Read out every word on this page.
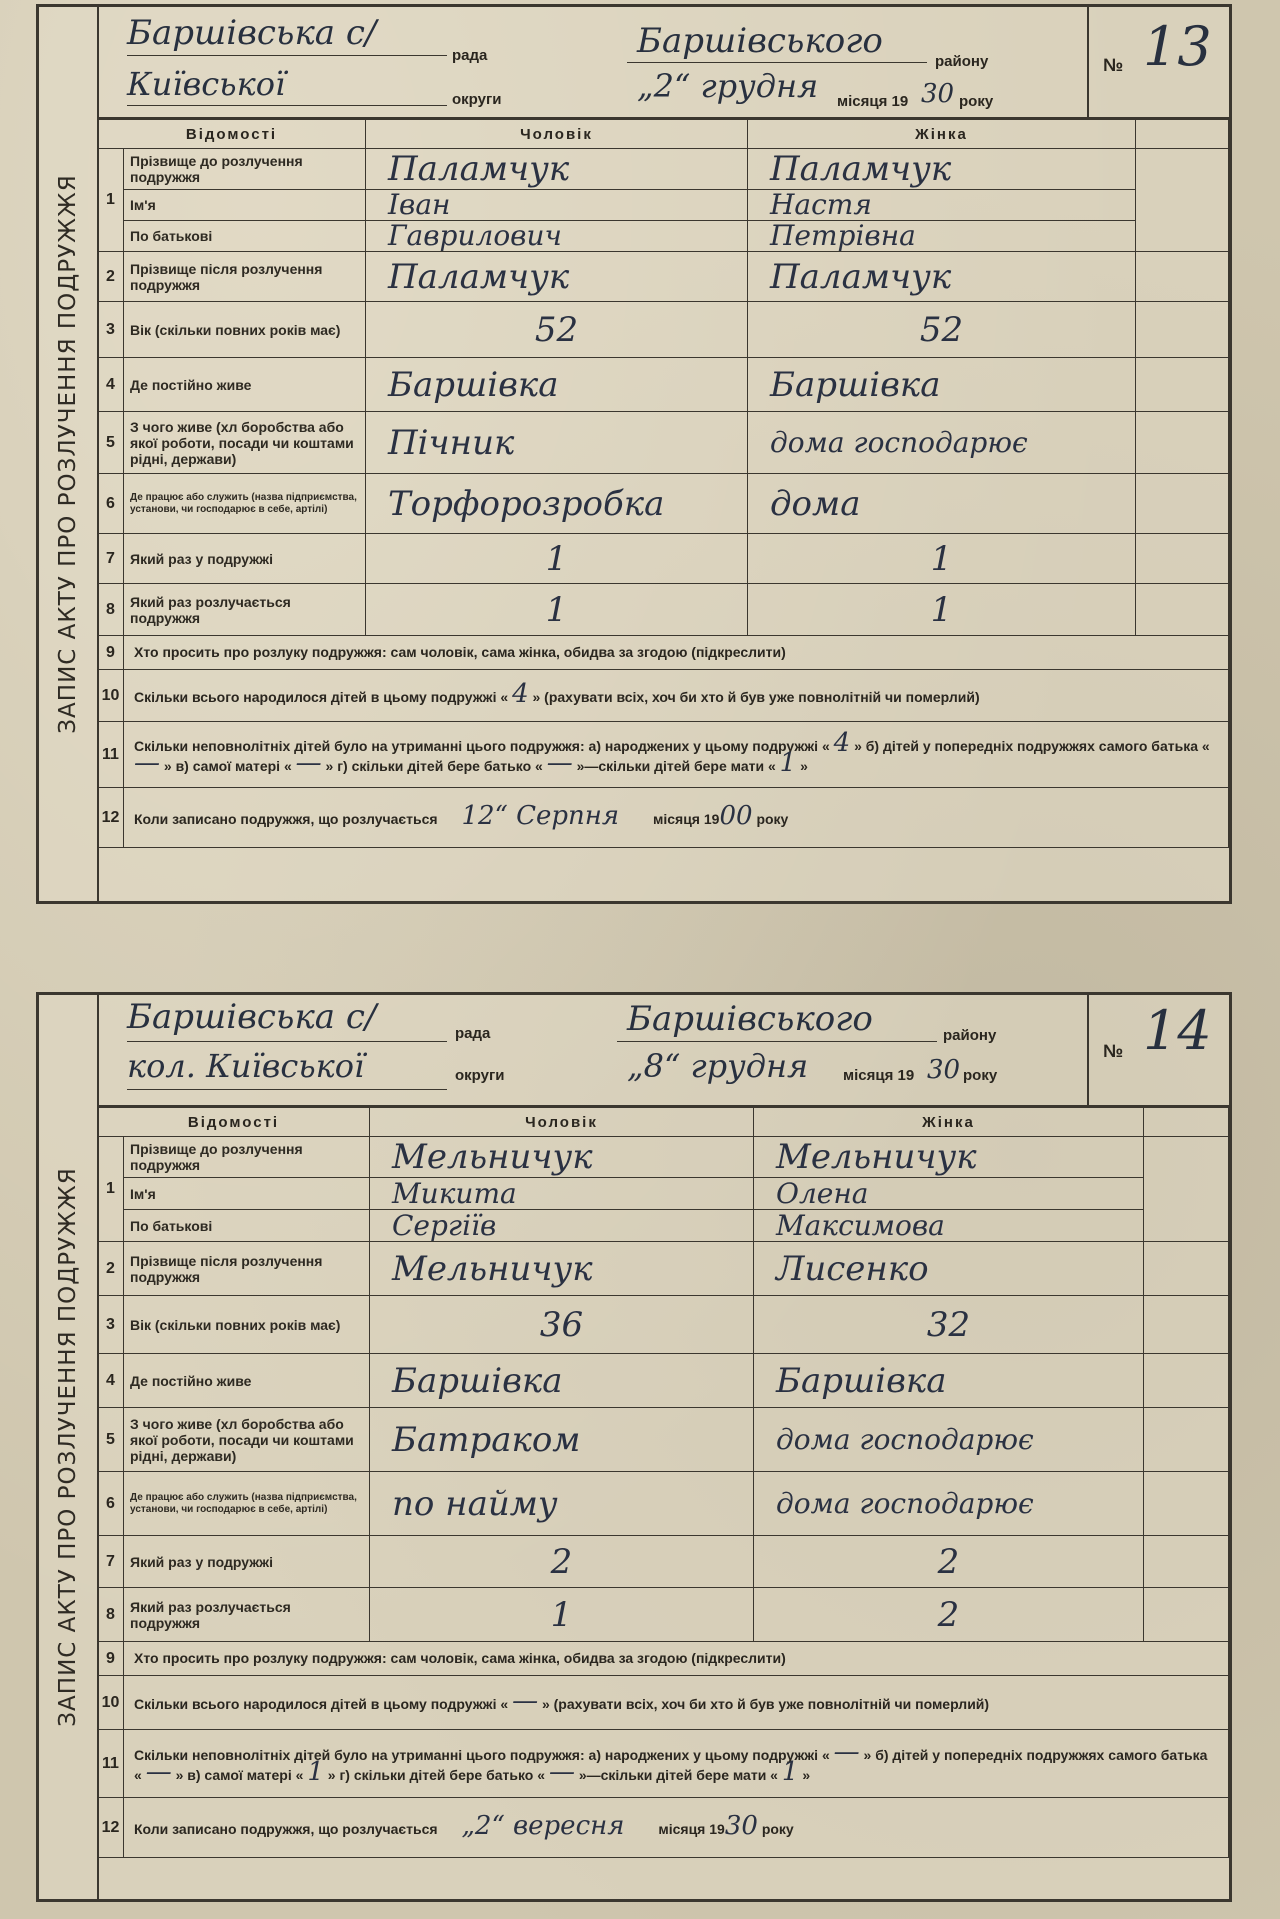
ЗАПИС АКТУ ПРО РОЗЛУЧЕННЯ ПОДРУЖЖЯ
Баршівська с/
рада
Київської	округи
Баршівського
району
„2“ грудня місяця 19 30 року
№ 13
Відомості		Чоловік	Жінка	
1	Прізвище до розлучення подружжя	Паламчук	Паламчук	
	Ім'я	Іван	Настя	
	По батькові	Гаврилович	Петрівна	
2	Прізвище після розлучення подружжя	Паламчук	Паламчук	
3	Вік (скільки повних років має)	52	52	
4	Де постійно живе	Баршівка	Баршівка	
5	З чого живе (хл боробства або якої роботи, посади чи коштами рідні, держави)	Пічник	дома господарює	
6	Де працює або служить (назва підприємства, установи, чи господарює в себе, артілі)	Торфорозробка	дома	
7	Який раз у подружжі	1	1	
8	Який раз розлучається подружжя	1	1	
9	Хто просить про розлуку подружжя: сам чоловік, сама жінка, обидва за згодою (підкреслити)			
10	Скільки всього народилося дітей в цьому подружжі « 4 » (рахувати всіх, хоч би хто й був уже повнолітній чи померлий)			
11	Скільки неповнолітніх дітей було на утриманні цього подружжя: а) народжених у цьому подружжі « 4 » б) дітей у попередніх подружжях самого батька « — » в) самої матері « — » г) скільки дітей бере батько « — »—скільки дітей бере мати « 1 »			
12	Коли записано подружжя, що розлучається 12“ Серпня місяця 1900 року			
ЗАПИС АКТУ ПРО РОЗЛУЧЕННЯ ПОДРУЖЖЯ
Баршівська с/	рада
кол. Київської	округи
Баршівського	району
„8“ грудня місяця 19 30 року
№ 14
Відомості		Чоловік	Жінка	
1	Прізвище до розлучення подружжя	Мельничук	Мельничук	
	Ім'я	Микита	Олена	
	По батькові	Сергіїв	Максимова	
2	Прізвище після розлучення подружжя	Мельничук	Лисенко	
3	Вік (скільки повних років має)	36	32	
4	Де постійно живе	Баршівка	Баршівка	
5	З чого живе (хл боробства або якої роботи, посади чи коштами рідні, держави)	Батраком	дома господарює	
6	Де працює або служить (назва підприємства, установи, чи господарює в себе, артілі)	по найму	дома господарює	
7	Який раз у подружжі	2	2	
8	Який раз розлучається подружжя	1	2	
9	Хто просить про розлуку подружжя: сам чоловік, сама жінка, обидва за згодою (підкреслити)			
10	Скільки всього народилося дітей в цьому подружжі « — » (рахувати всіх, хоч би хто й був уже повнолітній чи померлий)			
11	Скільки неповнолітніх дітей було на утриманні цього подружжя: а) народжених у цьому подружжі « — » б) дітей у попередніх подружжях самого батька « — » в) самої матері « 1 » г) скільки дітей бере батько « — »—скільки дітей бере мати « 1 »			
12	Коли записано подружжя, що розлучається „2“ вересня місяця 1930 року			
